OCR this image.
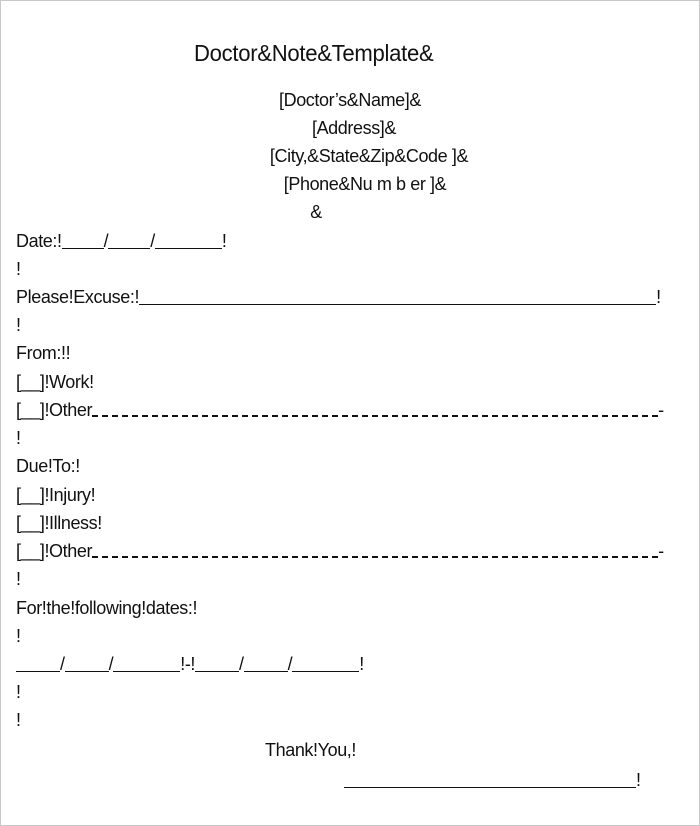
Doctor&Note&Template&
[Doctor’s&Name]&
[Address]&
[City,&State&Zip&Code ]&
[Phone&Nu m b er ]&
&
Date:! / /	!
!
Please!Excuse:!	!
!
From:!!
[__] !Work!
[__] !Other	-
!
Due!To:!
[__] !Injury!
[__] !Illness!
[__] !Other	-
!
For!the!following!dates:!
!
/ /	!-! / /	!
!
!
Thank!You,!
!
